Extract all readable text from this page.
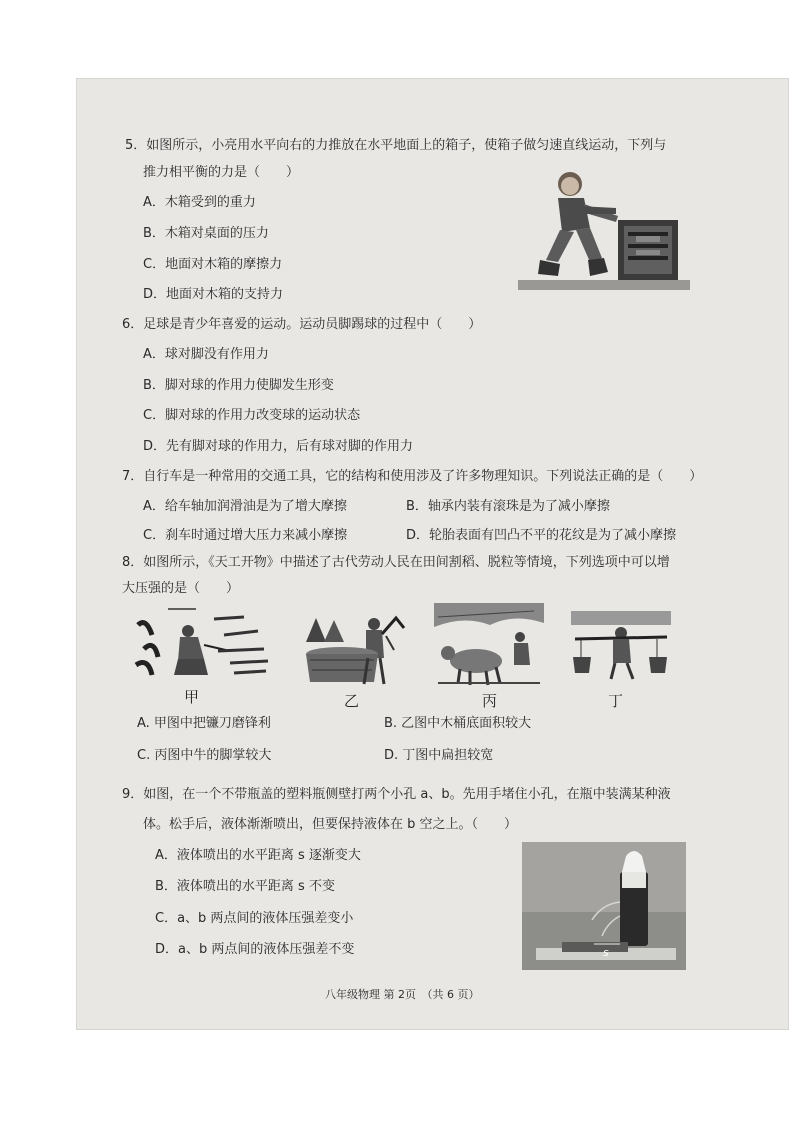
5．如图所示，小亮用水平向右的力推放在水平地面上的箱子，使箱子做匀速直线运动，下列与
推力相平衡的力是（　　）
A．木箱受到的重力
B．木箱对桌面的压力
C．地面对木箱的摩擦力
D．地面对木箱的支持力
6．足球是青少年喜爱的运动。运动员脚踢球的过程中（　　）
A．球对脚没有作用力
B．脚对球的作用力使脚发生形变
C．脚对球的作用力改变球的运动状态
D．先有脚对球的作用力，后有球对脚的作用力
7．自行车是一种常用的交通工具，它的结构和使用涉及了许多物理知识。下列说法正确的是（　　）
A．给车轴加润滑油是为了增大摩擦	B．轴承内装有滚珠是为了减小摩擦
C．刹车时通过增大压力来减小摩擦	D．轮胎表面有凹凸不平的花纹是为了减小摩擦
8．如图所示，《天工开物》中描述了古代劳动人民在田间割稻、脱粒等情境，下列选项中可以增
大压强的是（　　）
甲	乙	丙	丁
A. 甲图中把镰刀磨锋利	B. 乙图中木桶底面积较大
C. 丙图中牛的脚掌较大	D. 丁图中扁担较宽
9．如图，在一个不带瓶盖的塑料瓶侧壁打两个小孔 a、b。先用手堵住小孔，在瓶中装满某种液
体。松手后，液体渐渐喷出，但要保持液体在 b 空之上。（　　）
A．液体喷出的水平距离 s 逐渐变大
B．液体喷出的水平距离 s 不变
C．a、b 两点间的液体压强差变小
D．a、b 两点间的液体压强差不变	s
八年级物理 第 2页　（共 6 页）
